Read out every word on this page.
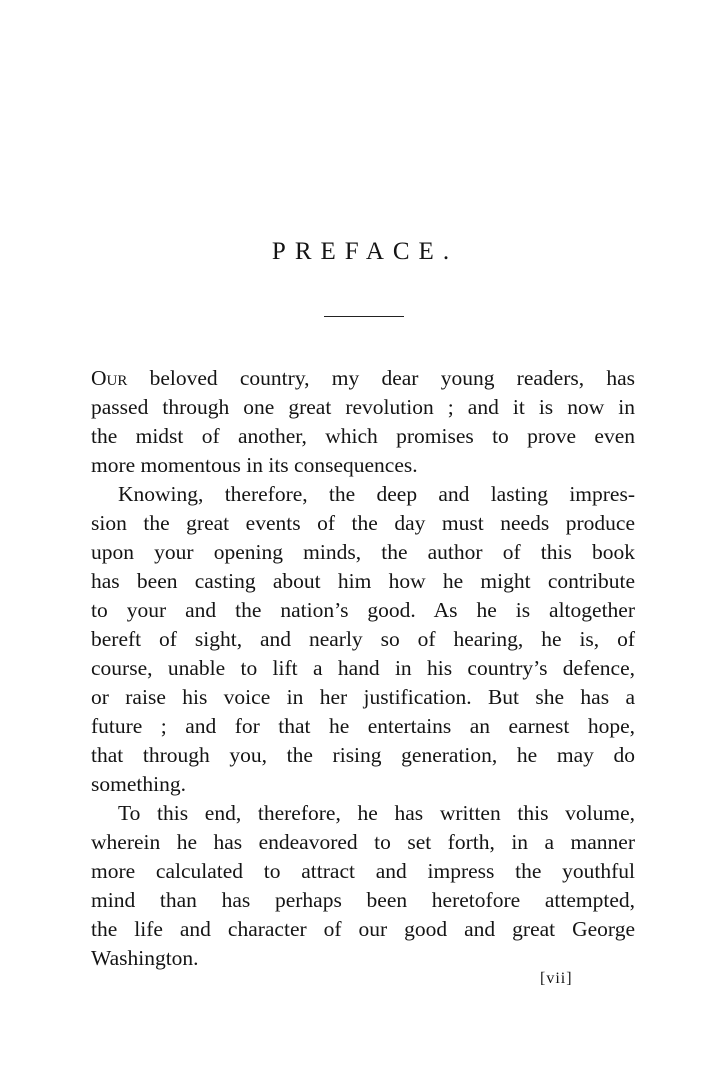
PREFACE.

Our beloved country, my dear young readers, has
passed through one great revolution ; and it is now in
the midst of another, which promises to prove even
more momentous in its consequences.

Knowing, therefore, the deep and lasting impres-
sion the great events of the day must needs produce
upon your opening minds, the author of this book
has been casting about him how he might contribute
to your and the nation’s good. As he is altogether
bereft of sight, and nearly so of hearing, he is, of
course, unable to lift a hand in his country’s defence,
or raise his voice in her justification. But she has a
future ; and for that he entertains an earnest hope,
that through you, the rising generation, he may do
something.

To this end, therefore, he has written this volume,
wherein he has endeavored to set forth, in a manner
more calculated to attract and impress the youthful
mind than has perhaps been heretofore attempted,
the life and character of our good and great George
Washington.

[vii]
